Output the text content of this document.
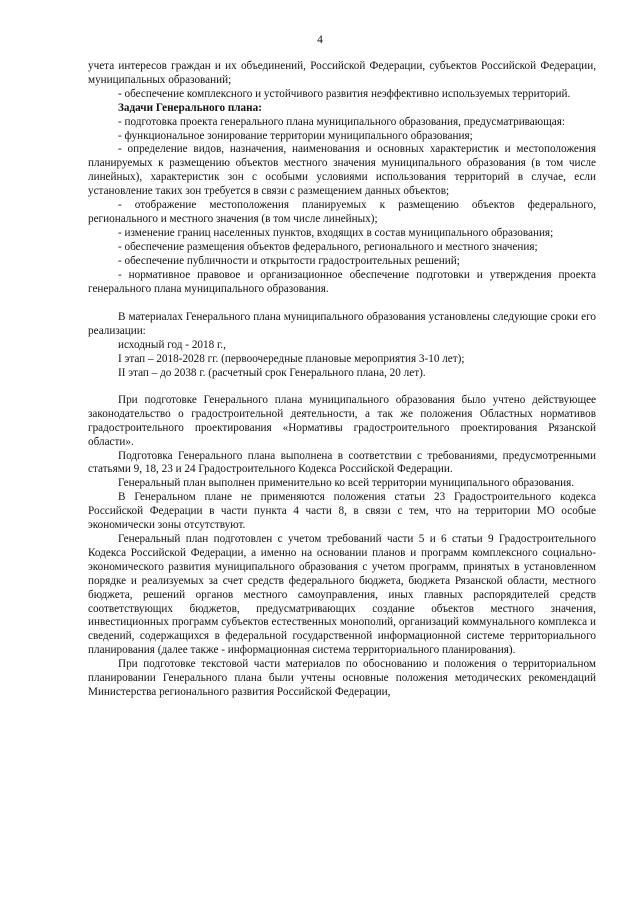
4

учета интересов граждан и их объединений, Российской Федерации, субъектов Российской Федерации, муниципальных образований;

- обеспечение комплексного и устойчивого развития неэффективно используемых территорий.

Задачи Генерального плана:

- подготовка проекта генерального плана муниципального образования, предусматривающая:

- функциональное зонирование территории муниципального образования;

- определение видов, назначения, наименования и основных характеристик и местоположения планируемых к размещению объектов местного значения муниципального образования (в том числе линейных), характеристик зон с особыми условиями использования территорий в случае, если установление таких зон требуется в связи с размещением данных объектов;

- отображение местоположения планируемых к размещению объектов федерального, регионального и местного значения (в том числе линейных);

- изменение границ населенных пунктов, входящих в состав муниципального образования;

- обеспечение размещения объектов федерального, регионального и местного значения;

- обеспечение публичности и открытости градостроительных решений;

- нормативное правовое и организационное обеспечение подготовки и утверждения проекта генерального плана муниципального образования.

В материалах Генерального плана муниципального образования установлены следующие сроки его реализации:

исходный год - 2018 г.,

I этап – 2018-2028 гг. (первоочередные плановые мероприятия 3-10 лет);

II этап – до 2038 г. (расчетный срок Генерального плана, 20 лет).

При подготовке Генерального плана муниципального образования было учтено действующее законодательство о градостроительной деятельности, а так же положения Областных нормативов градостроительного проектирования «Нормативы градостроительного проектирования Рязанской области».

Подготовка Генерального плана выполнена в соответствии с требованиями, предусмотренными статьями 9, 18, 23 и 24 Градостроительного Кодекса Российской Федерации.

Генеральный план выполнен применительно ко всей территории муниципального образования.

В Генеральном плане не применяются положения статьи 23 Градостроительного кодекса Российской Федерации в части пункта 4 части 8, в связи с тем, что на территории МО особые экономически зоны отсутствуют.

Генеральный план подготовлен с учетом требований части 5 и 6 статьи 9 Градостроительного Кодекса Российской Федерации, а именно на основании планов и программ комплексного социально-экономического развития муниципального образования с учетом программ, принятых в установленном порядке и реализуемых за счет средств федерального бюджета, бюджета Рязанской области, местного бюджета, решений органов местного самоуправления, иных главных распорядителей средств соответствующих бюджетов, предусматривающих создание объектов местного значения, инвестиционных программ субъектов естественных монополий, организаций коммунального комплекса и сведений, содержащихся в федеральной государственной информационной системе территориального планирования (далее также - информационная система территориального планирования).

При подготовке текстовой части материалов по обоснованию и положения о территориальном планировании Генерального плана были учтены основные положения методических рекомендаций Министерства регионального развития Российской Федерации,
